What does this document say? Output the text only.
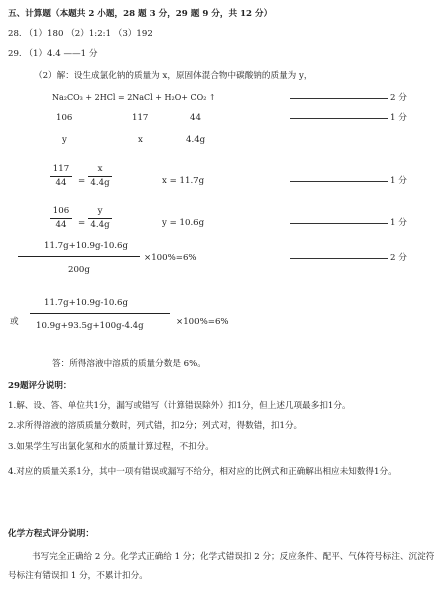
五、计算题（本题共 2 小题，28 题 3 分，29 题 9 分，共 12 分）
28. （1）180 （2）1:2:1 （3）192
29. （1）4.4 ——1 分
（2）解：设生成氯化钠的质量为 x，原固体混合物中碳酸钠的质量为 y，
Na₂CO₃ + 2HCl = 2NaCl + H₂O+ CO₂ ↑	2 分
106	117	44	1 分
y	x	4.4g
117
44	=
x
4.4g	x = 11.7g	1 分
106
44	=
y
4.4g	y = 10.6g	1 分
11.7g+10.9g-10.6g
200g
×100%=6%	2 分
11.7g+10.9g-10.6g
或 10.9g+93.5g+100g-4.4g	×100%=6%
答：所得溶液中溶质的质量分数是 6%。
29题评分说明：
1.解、设、答、单位共1分，漏写或错写（计算错误除外）扣1分，但上述几项最多扣1分。
2.求所得溶液的溶质质量分数时，列式错，扣2分；列式对，得数错，扣1分。
3.如果学生写出氯化氢和水的质量计算过程，不扣分。
4.对应的质量关系1分，其中一项有错误或漏写不给分，相对应的比例式和正确解出相应未知数得1分。
化学方程式评分说明：
书写完全正确给 2 分。化学式正确给 1 分；化学式错误扣 2 分；反应条件、配平、气体符号标注、沉淀符号标注有错误扣 1 分，不累计扣分。
